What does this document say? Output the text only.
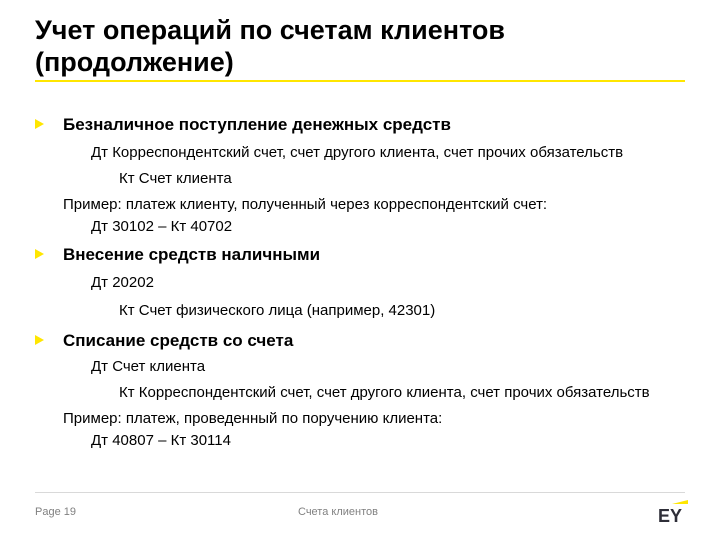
Учет операций по счетам клиентов (продолжение)
Безналичное поступление денежных средств
Дт Корреспондентский счет, счет другого клиента, счет прочих обязательств
Кт Счет клиента
Пример: платеж клиенту, полученный через корреспондентский счет:
Дт 30102 – Кт 40702
Внесение средств наличными
Дт 20202
Кт Счет физического лица (например, 42301)
Списание средств со счета
Дт Счет клиента
Кт Корреспондентский счет, счет другого клиента, счет прочих обязательств
Пример: платеж, проведенный по поручению клиента:
Дт 40807 – Кт 30114
Page 19	Счета клиентов	EY
